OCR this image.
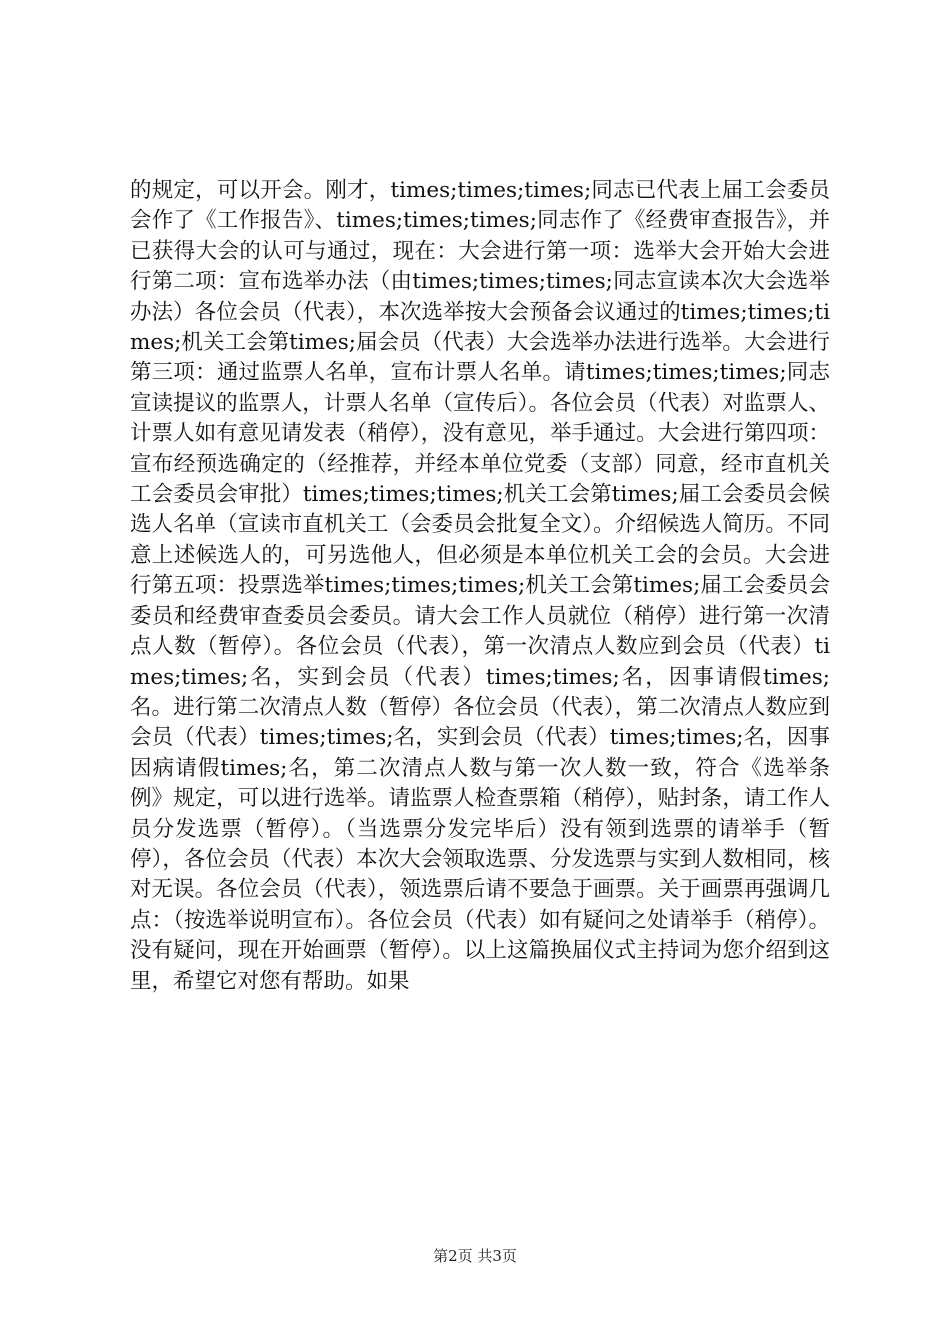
的规定，可以开会。刚才，times;times;times;同志已代表上届工会委员会作了《工作报告》、times;times;times;同志作了《经费审查报告》，并已获得大会的认可与通过，现在：大会进行第一项：选举大会开始大会进行第二项：宣布选举办法（由times;times;times;同志宣读本次大会选举办法）各位会员（代表），本次选举按大会预备会议通过的times;times;times;机关工会第times;届会员（代表）大会选举办法进行选举。大会进行第三项：通过监票人名单，宣布计票人名单。请times;times;times;同志宣读提议的监票人，计票人名单（宣传后）。各位会员（代表）对监票人、计票人如有意见请发表（稍停），没有意见，举手通过。大会进行第四项：宣布经预选确定的（经推荐，并经本单位党委（支部）同意，经市直机关工会委员会审批）times;times;times;机关工会第times;届工会委员会候选人名单（宣读市直机关工（会委员会批复全文）。介绍候选人简历。不同意上述候选人的，可另选他人，但必须是本单位机关工会的会员。大会进行第五项：投票选举times;times;times;机关工会第times;届工会委员会委员和经费审查委员会委员。请大会工作人员就位（稍停）进行第一次清点人数（暂停）。各位会员（代表），第一次清点人数应到会员（代表）times;times;名，实到会员（代表）times;times;名，因事请假times;名。进行第二次清点人数（暂停）各位会员（代表），第二次清点人数应到会员（代表）times;times;名，实到会员（代表）times;times;名，因事因病请假times;名，第二次清点人数与第一次人数一致，符合《选举条例》规定，可以进行选举。请监票人检查票箱（稍停），贴封条，请工作人员分发选票（暂停）。（当选票分发完毕后）没有领到选票的请举手（暂停），各位会员（代表）本次大会领取选票、分发选票与实到人数相同，核对无误。各位会员（代表），领选票后请不要急于画票。关于画票再强调几点：（按选举说明宣布）。各位会员（代表）如有疑问之处请举手（稍停）。没有疑问，现在开始画票（暂停）。以上这篇换届仪式主持词为您介绍到这里，希望它对您有帮助。如果

第2页 共3页
